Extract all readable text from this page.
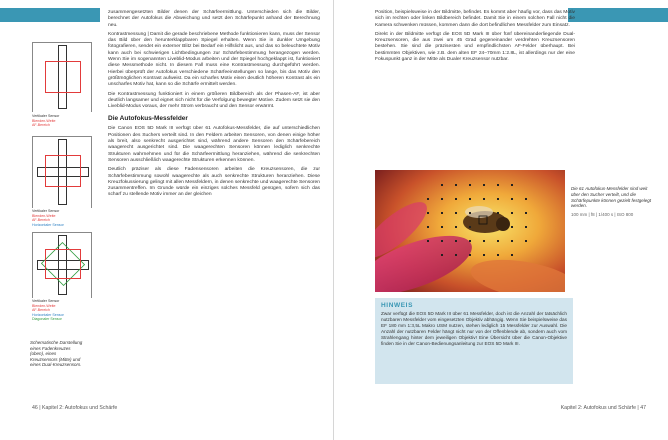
Vertikaler Sensor
Blenden-Weite
AF-Bereich
Vertikaler Sensor
Blenden-Weite
AF-Bereich
Horizontaler Sensor
Vertikaler Sensor
Blenden-Weite
AF-Bereich
Horizontaler Sensor
Diagonaler Sensor
Schematische Darstellung eines Fadenkreuzes (oben), eines Kreuzsensors (Mitte) und eines Dual-Kreuzsensors.

zusammengesetzten Bilder denen der Schärfeermittlung. Unterschieden sich die Bilder, berechnet der Autofokus die Abweichung und setzt den Schärfepunkt anhand der Berechnung neu.

Kontrastmessung | Damit die gerade beschriebene Methode funktionieren kann, muss der Sensor das Bild über den herunterklappbaren Spiegel erhalten. Wenn Sie in dunkler Umgebung fotografieren, sendet ein externer Blitz bei Bedarf ein Hilfslicht aus, und das so beleuchtete Motiv kann auch bei schwierigen Lichtbedingungen zur Schärfebestimmung herangezogen werden. Wenn Sie im sogenannten Liveblid-Modus arbeiten und der Spiegel hochgeklappt ist, funktioniert diese Messmethode nicht. In diesem Fall muss eine Kontrastmessung durchgeführt werden. Hierbei überprüft der Autofokus verschiedene Schärfeeinstellungen so lange, bis das Motiv den größtmöglichen Kontrast aufweist. Da ein scharfes Motiv einen deutlich höheren Kontrast als ein unscharfes Motiv hat, kann so die Schärfe ermittelt werden.

Die Kontrastmessung funktioniert in einem größeren Bildbereich als der Phasen-AF, ist aber deutlich langsamer und eignet sich nicht für die Verfolgung bewegter Motive. Zudem setzt sie den Liveblid-Modus voraus, der mehr Strom verbraucht und den Sensor erwärmt.

Die Autofokus-Messfelder

Die Canon EOS 5D Mark III verfügt über 61 Autofokus-Messfelder, die auf unterschiedlichen Positionen des Suchers verteilt sind. In den Feldern arbeiten Sensoren, von denen einige höher als breit, also senkrecht ausgerichtet sind, während andere Sensoren den Schärfebereich waagerecht ausgerichtet sind. Die waagerechten Sensoren können lediglich senkrechte Strukturen wahrnehmen und für die Schärfeermittlung heranziehen, während die senkrechten Sensoren ausschließlich waagerechte Strukturen erkennen können.

Deutlich präziser als diese Fadensensoren arbeiten die Kreuzsensoren, die zur Schärfebestimmung sowohl waagerechte als auch senkrechte Strukturen heranziehen. Diese Kreuzfokussierung gelingt mit allen Messfeldern, in denen senkrechte und waagerechte Sensoren zusammentreffen. Im Grunde würde ein einziges solches Messfeld genügen, sofern sich das scharf zu stellende Motiv immer an der gleichen

Position, beispielsweise in der Bildmitte, befindet. Es kommt aber häufig vor, dass das Motiv sich im rechten oder linken Bildbereich befindet. Damit Sie in einem solchen Fall nicht die Kamera schwenken müssen, kommen dann die dort befindlichen Messfelder zum Einsatz.

Direkt in der Bildmitte verfügt die EOS 5D Mark III über fünf übereinanderliegende Dual-Kreuzsensoren, die aus zwei um 45 Grad gegeneinander verdrehten Kreuzsensoren bestehen. Sie sind die präzisesten und empfindlichsten AF-Felder überhaupt. Bei bestimmten Objektiven, wie z.B. dem alten EF 24–70mm 1:2.8L, ist allerdings nur der eine Fokuspunkt ganz in der Mitte als Dualer Kreuzsensor nutzbar.

Die 61 Autofokus-Messfelder sind weit über den Sucher verteilt, und die Schärfepunkte können gezielt festgelegt werden.
100 mm | f8 | 1/400 s | ISO 800
HINWEIS
Zwar verfügt die EOS 5D Mark III über 61 Messfelder, doch ist die Anzahl der tatsächlich nutzbaren Messfelder vom eingesetzten Objektiv abhängig. Wenn Sie beispielsweise das EF 180 mm 1:3,5L Makro USM nutzen, stehen lediglich 15 Messfelder zur Auswahl. Die Anzahl der nutzbaren Felder hängt nicht nur von der Offenblende ab, sondern auch vom Strahlengang hinter dem jeweiligen Objektiv! Eine Übersicht über die Canon-Objektive finden Sie in der Canon-Bedienungsanleitung zur EOS 5D Mark III.
46 | Kapitel 2: Autofokus und Schärfe	Kapitel 2: Autofokus und Schärfe | 47
